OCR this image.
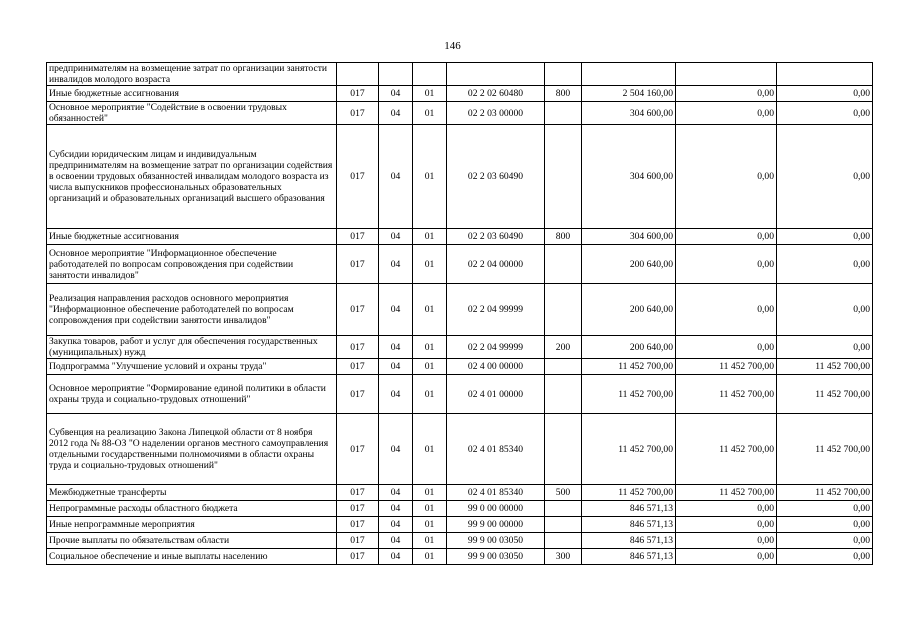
146
предпринимателям на возмещение затрат по организации занятости инвалидов молодого возраста								
Иные бюджетные ассигнования	017	04	01	02 2 02 60480	800	2 504 160,00	0,00	0,00
Основное мероприятие "Содействие в освоении трудовых обязанностей"	017	04	01	02 2 03 00000		304 600,00	0,00	0,00
Субсидии юридическим лицам и индивидуальным предпринимателям на возмещение затрат по организации содействия в освоении трудовых обязанностей инвалидам молодого возраста из числа выпускников профессиональных образовательных организаций и образовательных организаций высшего образования	017	04	01	02 2 03 60490		304 600,00	0,00	0,00
Иные бюджетные ассигнования	017	04	01	02 2 03 60490	800	304 600,00	0,00	0,00
Основное мероприятие "Информационное обеспечение работодателей по вопросам сопровождения при содействии занятости инвалидов"	017	04	01	02 2 04 00000		200 640,00	0,00	0,00
Реализация направления расходов основного мероприятия "Информационное обеспечение работодателей по вопросам сопровождения при содействии занятости инвалидов"	017	04	01	02 2 04 99999		200 640,00	0,00	0,00
Закупка товаров, работ и услуг для обеспечения государственных (муниципальных) нужд	017	04	01	02 2 04 99999	200	200 640,00	0,00	0,00
Подпрограмма "Улучшение условий и охраны труда"	017	04	01	02 4 00 00000		11 452 700,00	11 452 700,00	11 452 700,00
Основное мероприятие "Формирование единой политики в области охраны труда и социально-трудовых отношений"	017	04	01	02 4 01 00000		11 452 700,00	11 452 700,00	11 452 700,00
Субвенция на реализацию Закона Липецкой области от 8 ноября 2012 года № 88-ОЗ "О наделении органов местного самоуправления отдельными государственными полномочиями в области охраны труда и социально-трудовых отношений"	017	04	01	02 4 01 85340		11 452 700,00	11 452 700,00	11 452 700,00
Межбюджетные трансферты	017	04	01	02 4 01 85340	500	11 452 700,00	11 452 700,00	11 452 700,00
Непрограммные расходы областного бюджета	017	04	01	99 0 00 00000		846 571,13	0,00	0,00
Иные непрограммные мероприятия	017	04	01	99 9 00 00000		846 571,13	0,00	0,00
Прочие выплаты по обязательствам области	017	04	01	99 9 00 03050		846 571,13	0,00	0,00
Социальное обеспечение и иные выплаты населению	017	04	01	99 9 00 03050	300	846 571,13	0,00	0,00
